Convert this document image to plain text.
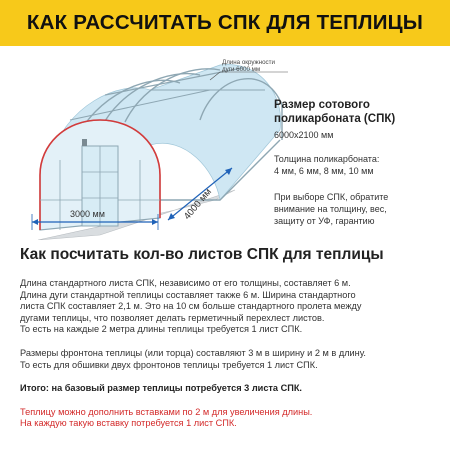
КАК РАССЧИТАТЬ СПК ДЛЯ ТЕПЛИЦЫ
Длина окружности
дуги 6000 мм
3000 мм	4000 мм
Размер сотового
поликарбоната (СПК)
6000х2100 мм
Толщина поликарбоната:
4 мм, 6 мм, 8 мм, 10 мм
При выборе СПК, обратите
внимание на толщину, вес,
защиту от УФ, гарантию
Как посчитать кол-во листов СПК для теплицы

Длина стандартного листа СПК, независимо от его толщины, составляет 6 м.

Длина дуги стандартной теплицы составляет также 6 м. Ширина стандартного

листа СПК составляет 2,1 м. Это на 10 см больше стандартного пролета между

дугами теплицы, что позволяет делать герметичный перехлест листов.

То есть на каждые 2 метра длины теплицы требуется 1 лист СПК.

Размеры фронтона теплицы (или торца) составляют 3 м в ширину и 2 м в длину.

То есть для обшивки двух фронтонов теплицы требуется 1 лист СПК.

Итого: на базовый размер теплицы потребуется 3 листа СПК.

Теплицу можно дополнить вставками по 2 м для увеличения длины.

На каждую такую вставку потребуется 1 лист СПК.
